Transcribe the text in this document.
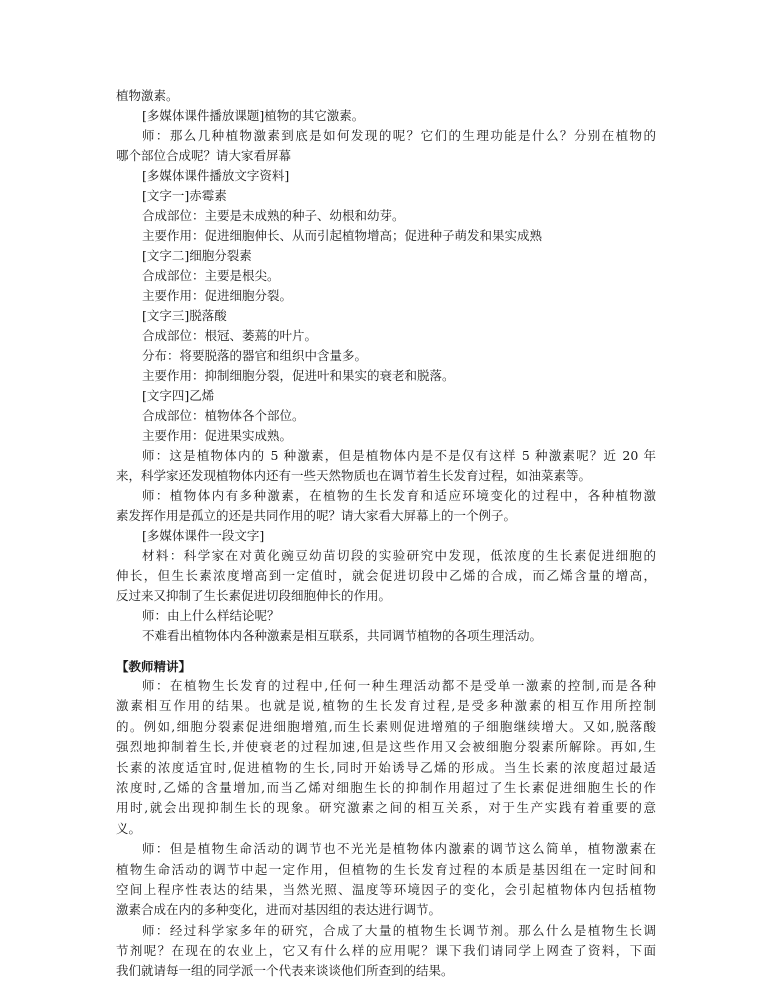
植物激素。
[多媒体课件播放课题]植物的其它激素。
师：那么几种植物激素到底是如何发现的呢？它们的生理功能是什么？分别在植物的
哪个部位合成呢？请大家看屏幕
[多媒体课件播放文字资料]
[文字一]赤霉素
合成部位：主要是未成熟的种子、幼根和幼芽。
主要作用：促进细胞伸长、从而引起植物增高；促进种子萌发和果实成熟
[文字二]细胞分裂素
合成部位：主要是根尖。
主要作用：促进细胞分裂。
[文字三]脱落酸
合成部位：根冠、萎蔫的叶片。
分布：将要脱落的器官和组织中含量多。
主要作用：抑制细胞分裂，促进叶和果实的衰老和脱落。
[文字四]乙烯
合成部位：植物体各个部位。
主要作用：促进果实成熟。
师：这是植物体内的 5 种激素，但是植物体内是不是仅有这样 5 种激素呢？近 20 年
来，科学家还发现植物体内还有一些天然物质也在调节着生长发育过程，如油菜素等。
师：植物体内有多种激素，在植物的生长发育和适应环境变化的过程中，各种植物激
素发挥作用是孤立的还是共同作用的呢？请大家看大屏幕上的一个例子。
[多媒体课件一段文字]
材料：科学家在对黄化豌豆幼苗切段的实验研究中发现，低浓度的生长素促进细胞的
伸长，但生长素浓度增高到一定值时，就会促进切段中乙烯的合成，而乙烯含量的增高，
反过来又抑制了生长素促进切段细胞伸长的作用。
师：由上什么样结论呢？
不难看出植物体内各种激素是相互联系，共同调节植物的各项生理活动。
【教师精讲】
师：在植物生长发育的过程中,任何一种生理活动都不是受单一激素的控制,而是各种
激素相互作用的结果。也就是说,植物的生长发育过程,是受多种激素的相互作用所控制
的。例如,细胞分裂素促进细胞增殖,而生长素则促进增殖的子细胞继续增大。又如,脱落酸
强烈地抑制着生长,并使衰老的过程加速,但是这些作用又会被细胞分裂素所解除。再如,生
长素的浓度适宜时,促进植物的生长,同时开始诱导乙烯的形成。当生长素的浓度超过最适
浓度时,乙烯的含量增加,而当乙烯对细胞生长的抑制作用超过了生长素促进细胞生长的作
用时,就会出现抑制生长的现象。研究激素之间的相互关系，对于生产实践有着重要的意
义。
师：但是植物生命活动的调节也不光光是植物体内激素的调节这么简单，植物激素在
植物生命活动的调节中起一定作用，但植物的生长发育过程的本质是基因组在一定时间和
空间上程序性表达的结果，当然光照、温度等环境因子的变化，会引起植物体内包括植物
激素合成在内的多种变化，进而对基因组的表达进行调节。
师：经过科学家多年的研究，合成了大量的植物生长调节剂。那么什么是植物生长调
节剂呢？在现在的农业上，它又有什么样的应用呢？课下我们请同学上网查了资料，下面
我们就请每一组的同学派一个代表来谈谈他们所查到的结果。
